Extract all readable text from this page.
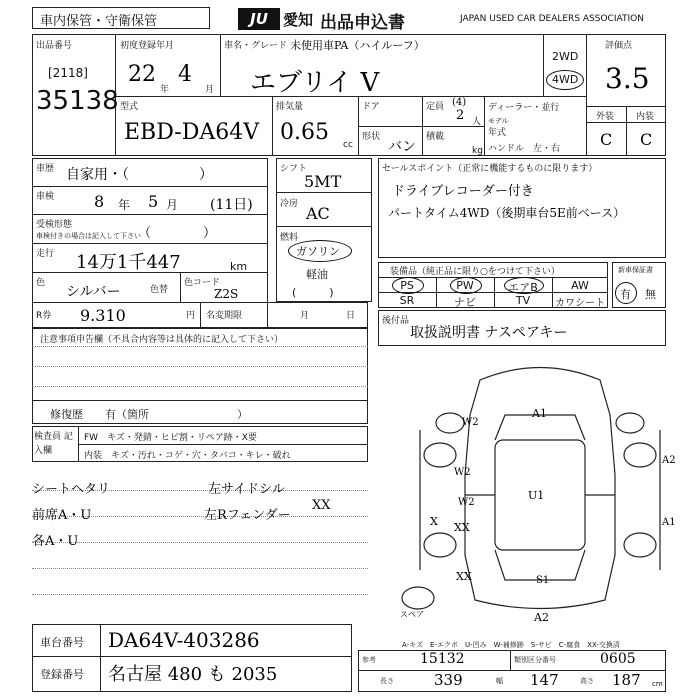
車内保管・守衛保管	JU	愛知 出品申込書	JAPAN USED CAR DEALERS ASSOCIATION
出品番号
[2118]
35138
初度登録年月
22
年
4
月
車名・グレード 未使用車PA（ハイルーフ）
エブリイ V
2WD
4WD
評価点
3.5
外装 内装
C C
型式
EBD-DA64V
排気量
0.65 cc
ドア
形状
バン
定員 (4)
2 人
積載
kg
ディーラー・並行
モデル
年式
ハンドル　左・右
車歴 自家用・（　　　　　）
車検 8 年 5 月 (11日)
受検形態
車検付きの場合は記入して下さい
（　　　　）
走行 14万1千447	km
色
シルバー	色替
色コード
Z2S
R券 9.310	円 名変期限	月	日
シフト
5MT
冷房 AC
燃料
ガソリン
軽油
(　　　)
セールスポイント（正常に機能するものに限ります）
ドライブレコーダー付き
パートタイム4WD（後期車台5E前ベース）
装備品（純正品に限り○をつけて下さい）
PS	PW	エアB	AW
SR	ナビ	TV	カワシート
新車保証書
有 無
後付品
取扱説明書 ナスペアキー
注意事項申告欄（不具合内容等は具体的に記入して下さい）
修復歴　　有（箇所　　　　　　　　）
検査員 記入欄
FW　キズ・発錆・ヒビ割・リペア跡・X要
内装　キズ・汚れ・コゲ・穴・タバコ・キレ・破れ
シートヘタリ
前席A・U
各A・U
左サイドシル
左Rフェンダー
XX
A1
W2
W2
U1
A2
A1
XX
X
XX	S1
A2
W2
スペア
A-キズ　E-エクボ　U-凹み　W-補修跡　S-サビ　C-腐食　XX-交換済
車台番号 DA64V-403286
登録番号 名古屋 480 も 2035
参考	15132	類別区分番号	0605
長さ	339	幅 147	高さ 187 cm
